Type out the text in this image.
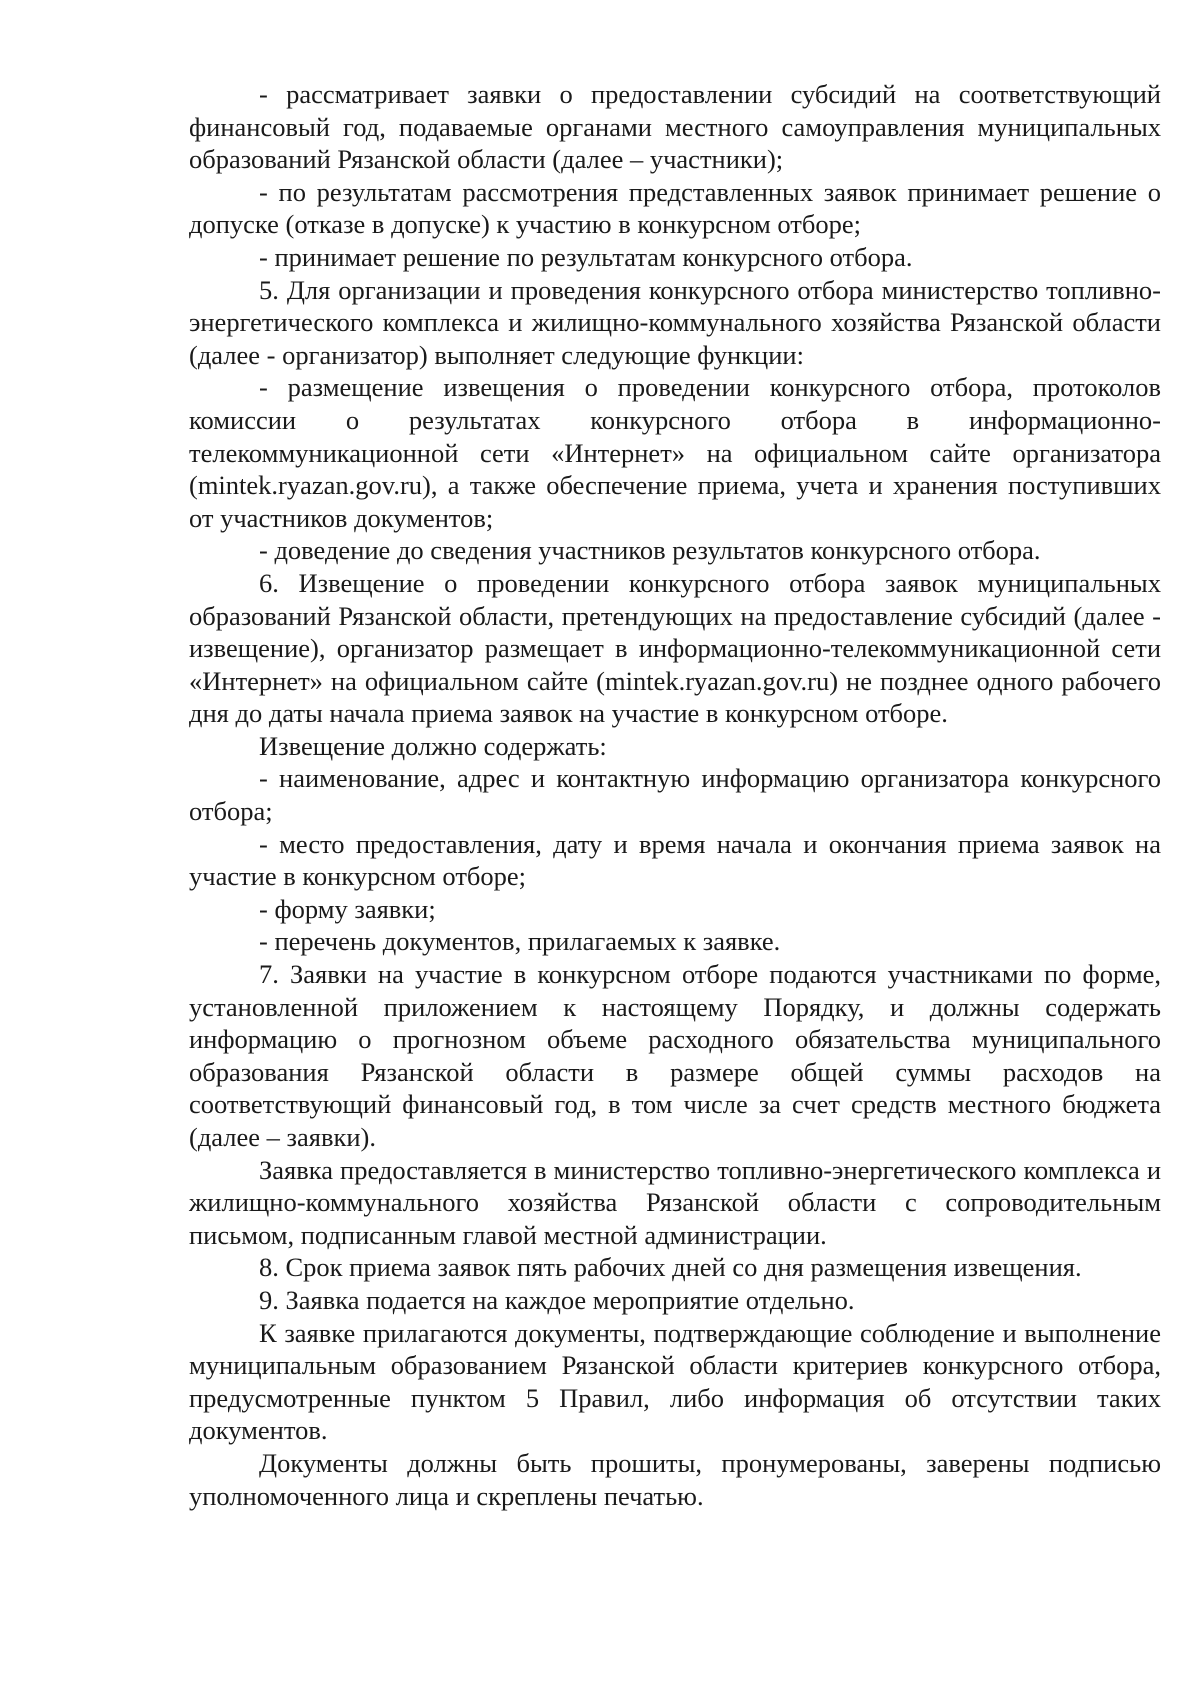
- рассматривает заявки о предоставлении субсидий на соответствующий финансовый год, подаваемые органами местного самоуправления муниципальных образований Рязанской области (далее – участники);

- по результатам рассмотрения представленных заявок принимает решение о допуске (отказе в допуске) к участию в конкурсном отборе;

- принимает решение по результатам конкурсного отбора.

5. Для организации и проведения конкурсного отбора министерство топливно-энергетического комплекса и жилищно-коммунального хозяйства Рязанской области (далее - организатор) выполняет следующие функции:

- размещение извещения о проведении конкурсного отбора, протоколов комиссии о результатах конкурсного отбора в информационно-телекоммуникационной сети «Интернет» на официальном сайте организатора (mintek.ryazan.gov.ru), а также обеспечение приема, учета и хранения поступивших от участников документов;

- доведение до сведения участников результатов конкурсного отбора.

6. Извещение о проведении конкурсного отбора заявок муниципальных образований Рязанской области, претендующих на предоставление субсидий (далее - извещение), организатор размещает в информационно-телекоммуникационной сети «Интернет» на официальном сайте (mintek.ryazan.gov.ru) не позднее одного рабочего дня до даты начала приема заявок на участие в конкурсном отборе.

Извещение должно содержать:

- наименование, адрес и контактную информацию организатора конкурсного отбора;

- место предоставления, дату и время начала и окончания приема заявок на участие в конкурсном отборе;

- форму заявки;

- перечень документов, прилагаемых к заявке.

7. Заявки на участие в конкурсном отборе подаются участниками по форме, установленной приложением к настоящему Порядку, и должны содержать информацию о прогнозном объеме расходного обязательства муниципального образования Рязанской области в размере общей суммы расходов на соответствующий финансовый год, в том числе за счет средств местного бюджета (далее – заявки).

Заявка предоставляется в министерство топливно-энергетического комплекса и жилищно-коммунального хозяйства Рязанской области с сопроводительным письмом, подписанным главой местной администрации.

8. Срок приема заявок пять рабочих дней со дня размещения извещения.

9. Заявка подается на каждое мероприятие отдельно.

К заявке прилагаются документы, подтверждающие соблюдение и выполнение муниципальным образованием Рязанской области критериев конкурсного отбора, предусмотренные пунктом 5 Правил, либо информация об отсутствии таких документов.

Документы должны быть прошиты, пронумерованы, заверены подписью уполномоченного лица и скреплены печатью.
